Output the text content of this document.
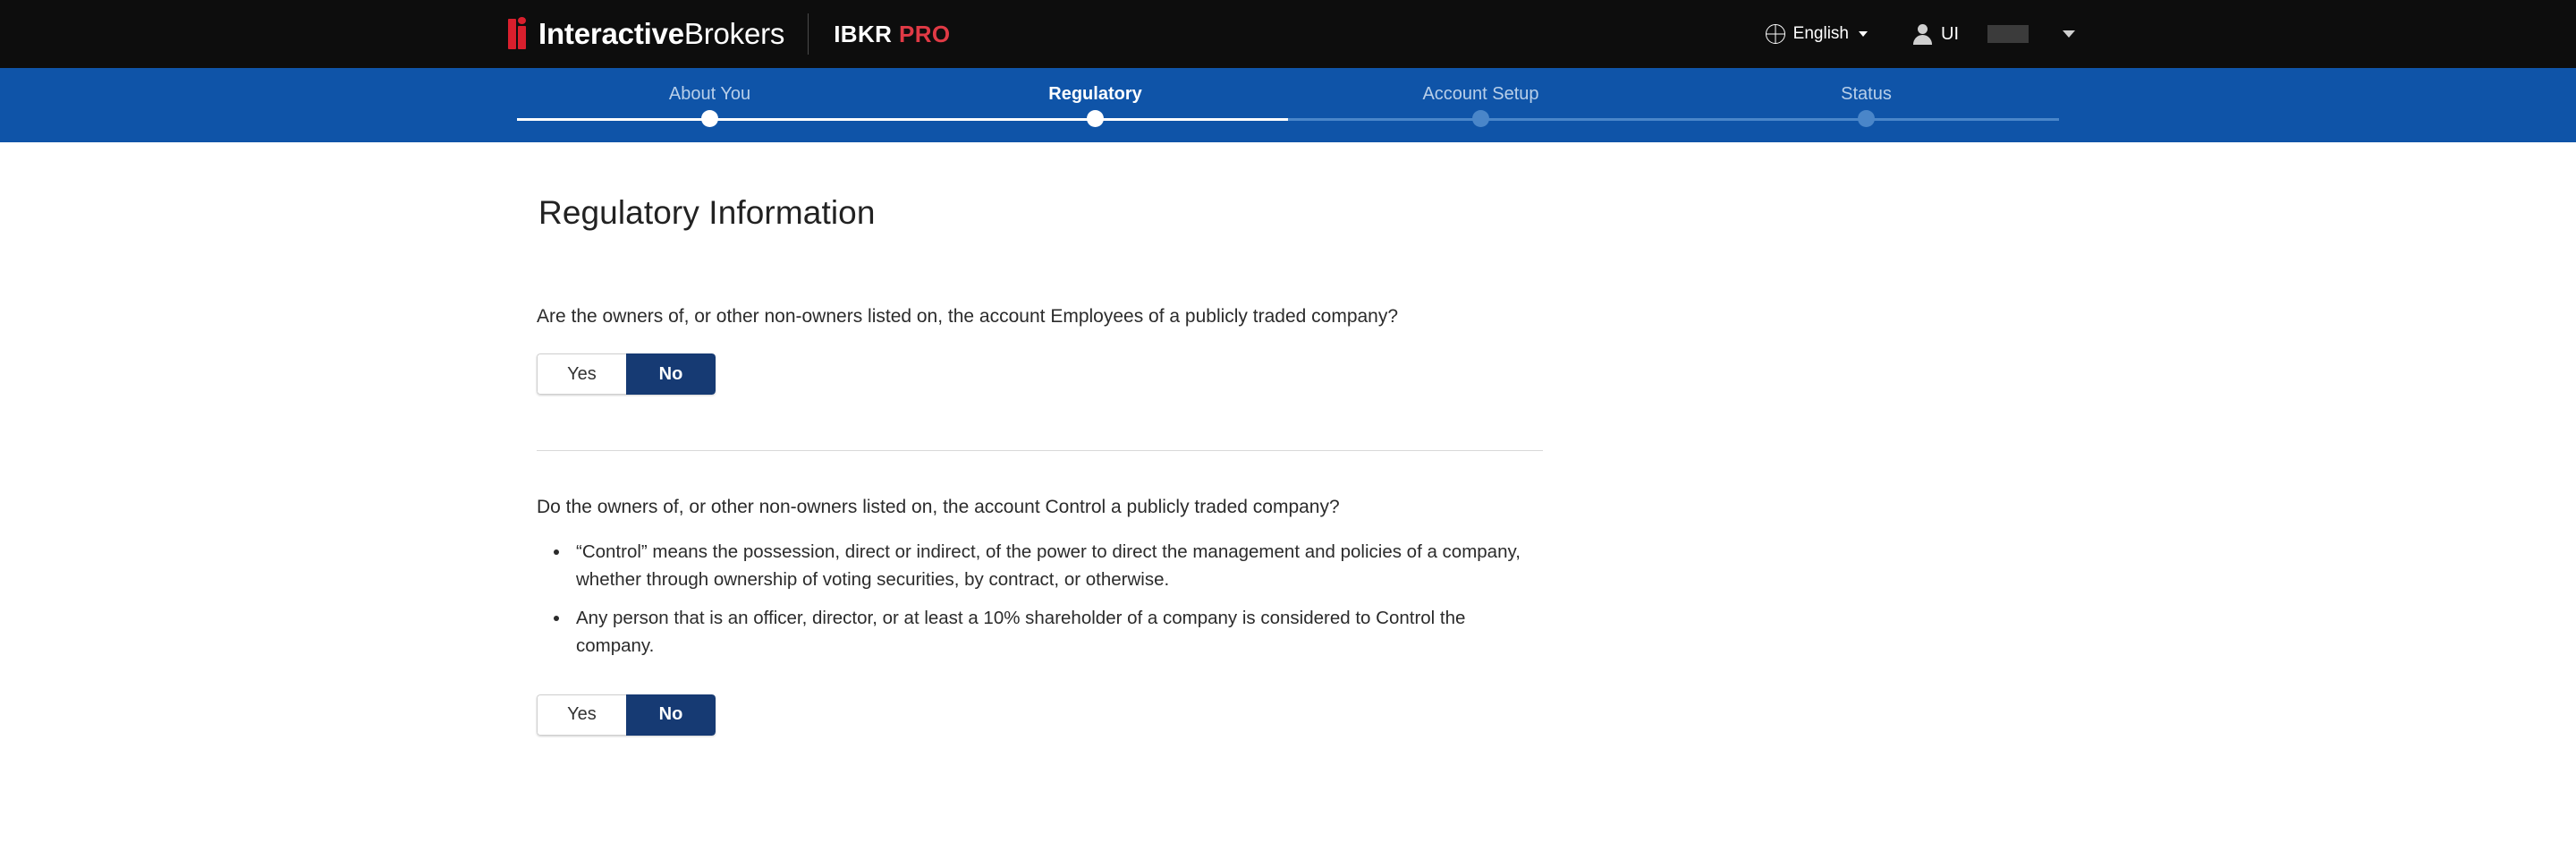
InteractiveBrokers IBKR PRO	English	UI
About You	Regulatory	Account Setup	Status
Regulatory Information

Are the owners of, or other non-owners listed on, the account Employees of a publicly traded company?

Yes	No

Do the owners of, or other non-owners listed on, the account Control a publicly traded company?

• “Control” means the possession, direct or indirect, of the power to direct the management and policies of a company, whether through ownership of voting securities, by contract, or otherwise.
• Any person that is an officer, director, or at least a 10% shareholder of a company is considered to Control the company.
Yes	No
